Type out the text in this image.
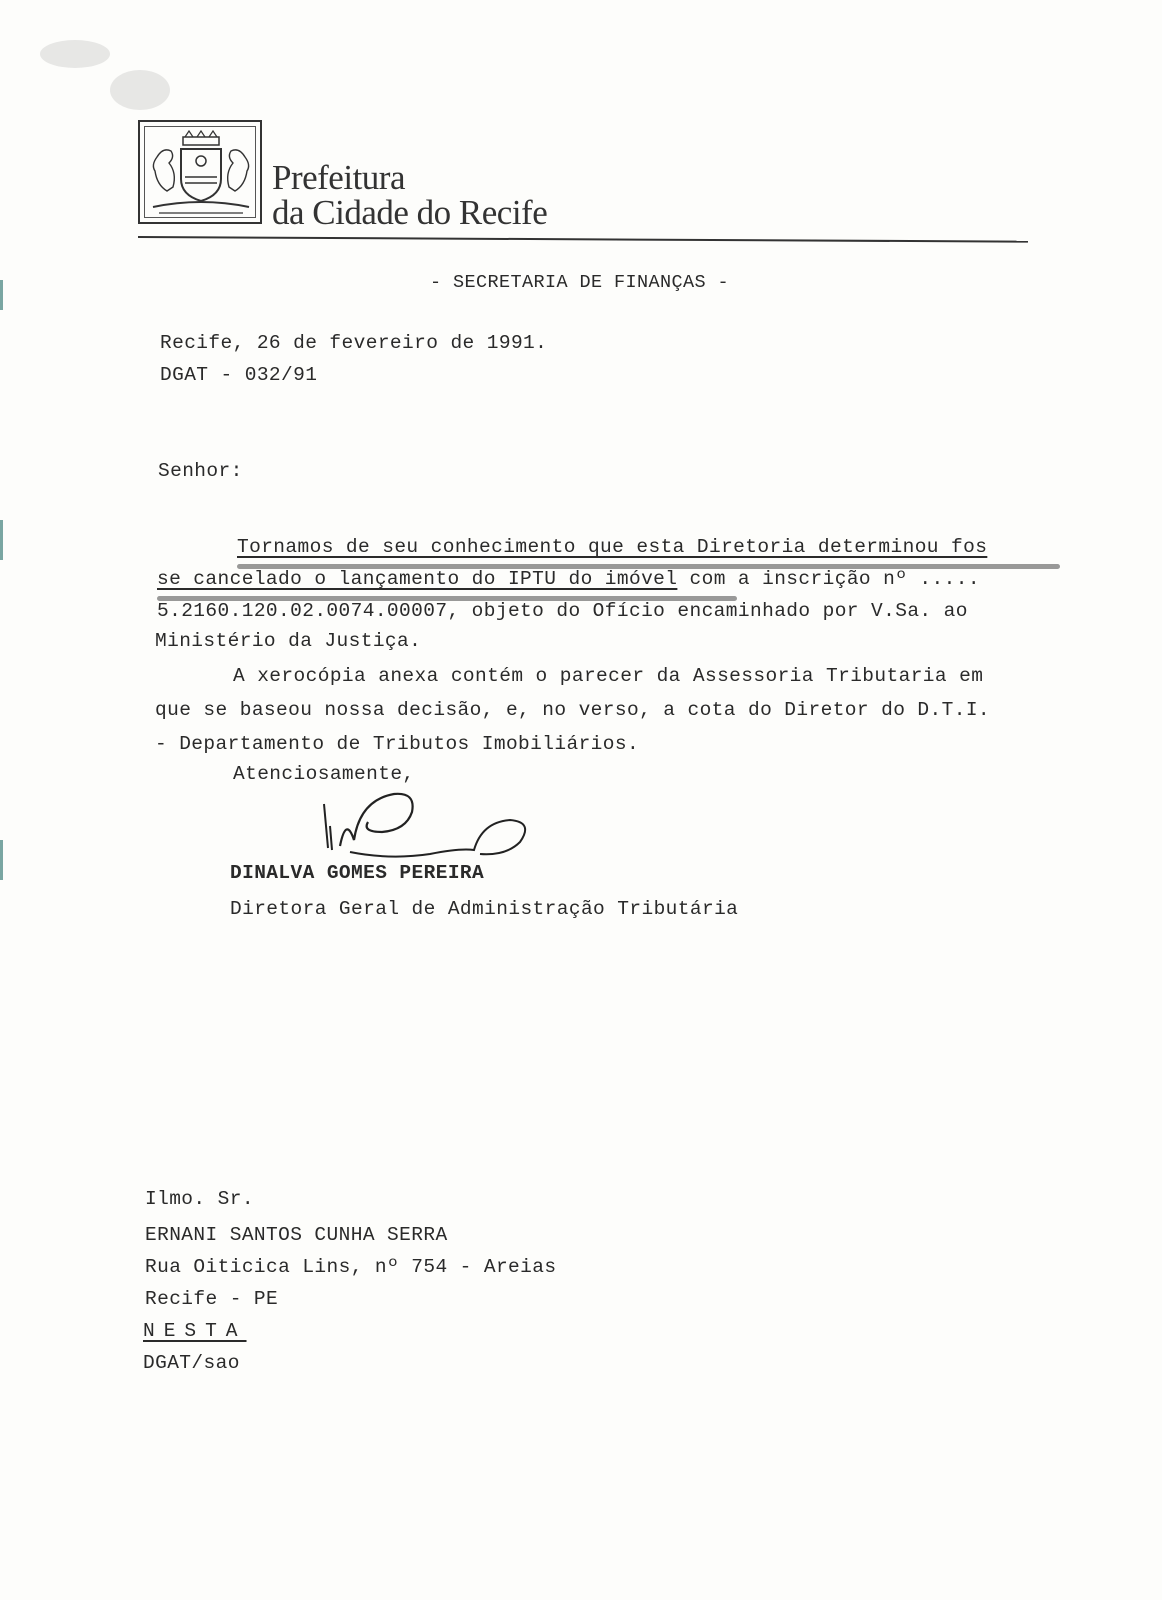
Prefeitura
da Cidade do Recife
- SECRETARIA DE FINANÇAS -
Recife, 26 de fevereiro de 1991.
DGAT - 032/91
Senhor:
Tornamos de seu conhecimento que esta Diretoria determinou fos
se cancelado o lançamento do IPTU do imóvel com a inscrição nº .....
5.2160.120.02.0074.00007, objeto do Ofício encaminhado por V.Sa. ao
Ministério da Justiça.
A xerocópia anexa contém o parecer da Assessoria Tributaria em
que se baseou nossa decisão, e, no verso, a cota do Diretor do D.T.I.
- Departamento de Tributos Imobiliários.
Atenciosamente,
DINALVA GOMES PEREIRA
Diretora Geral de Administração Tributária
Ilmo. Sr.
ERNANI SANTOS CUNHA SERRA
Rua Oiticica Lins, nº 754 - Areias
Recife - PE
NESTA
DGAT/sao
